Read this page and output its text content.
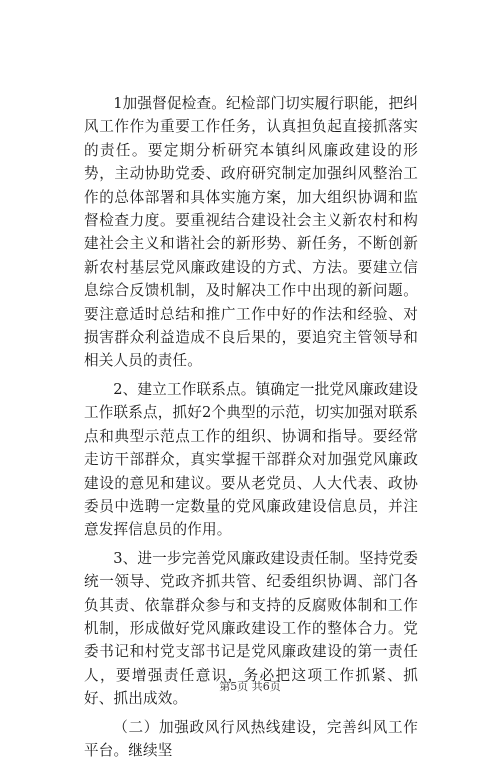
1加强督促检查。纪检部门切实履行职能，把纠风工作作为重要工作任务，认真担负起直接抓落实的责任。要定期分析研究本镇纠风廉政建设的形势，主动协助党委、政府研究制定加强纠风整治工作的总体部署和具体实施方案，加大组织协调和监督检查力度。要重视结合建设社会主义新农村和构建社会主义和谐社会的新形势、新任务，不断创新新农村基层党风廉政建设的方式、方法。要建立信息综合反馈机制，及时解决工作中出现的新问题。要注意适时总结和推广工作中好的作法和经验、对损害群众利益造成不良后果的，要追究主管领导和相关人员的责任。

2、建立工作联系点。镇确定一批党风廉政建设工作联系点，抓好2个典型的示范，切实加强对联系点和典型示范点工作的组织、协调和指导。要经常走访干部群众，真实掌握干部群众对加强党风廉政建设的意见和建议。要从老党员、人大代表、政协委员中选聘一定数量的党风廉政建设信息员，并注意发挥信息员的作用。

3、进一步完善党风廉政建设责任制。坚持党委统一领导、党政齐抓共管、纪委组织协调、部门各负其责、依靠群众参与和支持的反腐败体制和工作机制，形成做好党风廉政建设工作的整体合力。党委书记和村党支部书记是党风廉政建设的第一责任人，要增强责任意识，务必把这项工作抓紧、抓好、抓出成效。

（二）加强政风行风热线建设，完善纠风工作平台。继续坚

第5页 共6页
